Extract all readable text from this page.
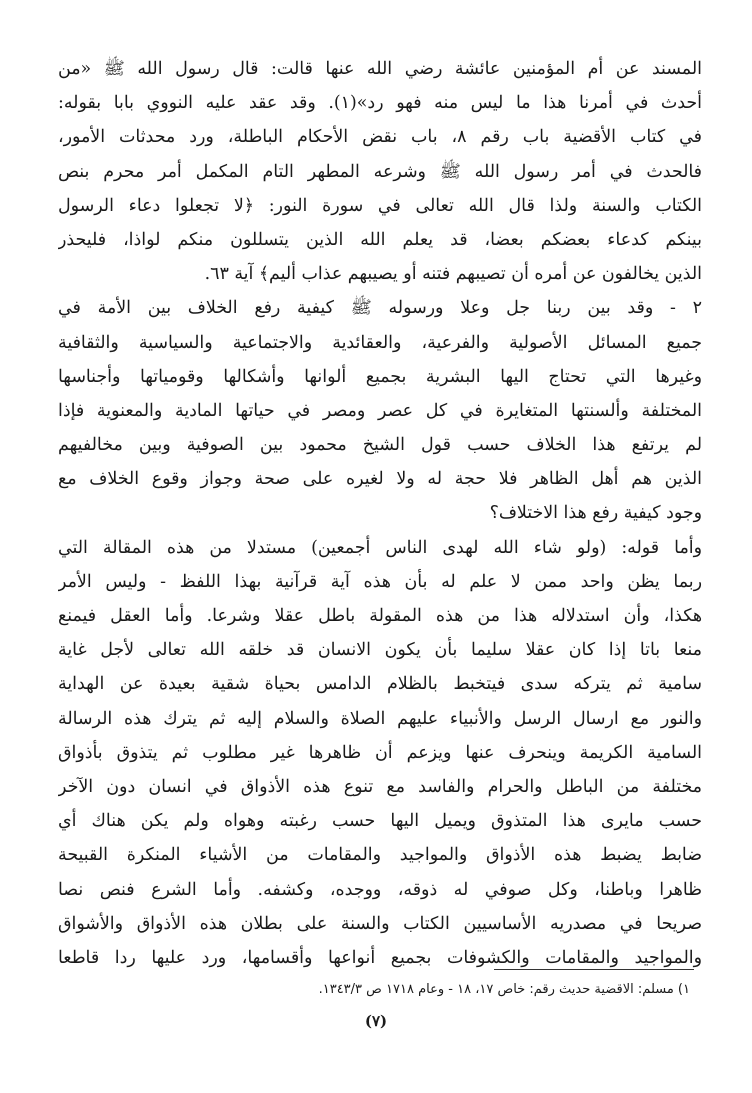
المسند عن أم المؤمنين عائشة رضي الله عنها قالت: قال رسول الله ﷺ «من
أحدث في أمرنا هذا ما ليس منه فهو رد»(١). وقد عقد عليه النووي بابا بقوله:
في كتاب الأقضية باب رقم ٨، باب نقض الأحكام الباطلة، ورد محدثات الأمور،
فالحدث في أمر رسول الله ﷺ وشرعه المطهر التام المكمل أمر محرم بنص
الكتاب والسنة ولذا قال الله تعالى في سورة النور: ﴿لا تجعلوا دعاء الرسول
بينكم كدعاء بعضكم بعضا، قد يعلم الله الذين يتسللون منكم لواذا، فليحذر
الذين يخالفون عن أمره أن تصيبهم فتنه أو يصيبهم عذاب أليم﴾ آية ٦٣.
٢ - وقد بين ربنا جل وعلا ورسوله ﷺ كيفية رفع الخلاف بين الأمة في
جميع المسائل الأصولية والفرعية، والعقائدية والاجتماعية والسياسية والثقافية
وغيرها التي تحتاج اليها البشرية بجميع ألوانها وأشكالها وقومياتها وأجناسها
المختلفة وألسنتها المتغايرة في كل عصر ومصر في حياتها المادية والمعنوية فإذا
لم يرتفع هذا الخلاف حسب قول الشيخ محمود بين الصوفية وبين مخالفيهم
الذين هم أهل الظاهر فلا حجة له ولا لغيره على صحة وجواز وقوع الخلاف مع
وجود كيفية رفع هذا الاختلاف؟
وأما قوله: (ولو شاء الله لهدى الناس أجمعين) مستدلا من هذه المقالة التي
ربما يظن واحد ممن لا علم له بأن هذه آية قرآنية بهذا اللفظ - وليس الأمر
هكذا، وأن استدلاله هذا من هذه المقولة باطل عقلا وشرعا. وأما العقل فيمنع
منعا باتا إذا كان عقلا سليما بأن يكون الانسان قد خلقه الله تعالى لأجل غاية
سامية ثم يتركه سدى فيتخبط بالظلام الدامس بحياة شقية بعيدة عن الهداية
والنور مع ارسال الرسل والأنبياء عليهم الصلاة والسلام إليه ثم يترك هذه الرسالة
السامية الكريمة وينحرف عنها ويزعم أن ظاهرها غير مطلوب ثم يتذوق بأذواق
مختلفة من الباطل والحرام والفاسد مع تنوع هذه الأذواق في انسان دون الآخر
حسب مايرى هذا المتذوق ويميل اليها حسب رغبته وهواه ولم يكن هناك أي
ضابط يضبط هذه الأذواق والمواجيد والمقامات من الأشياء المنكرة القبيحة
ظاهرا وباطنا، وكل صوفي له ذوقه، ووجده، وكشفه. وأما الشرع فنص نصا
صريحا في مصدريه الأساسيين الكتاب والسنة على بطلان هذه الأذواق والأشواق
والمواجيد والمقامات والكشوفات بجميع أنواعها وأقسامها، ورد عليها ردا قاطعا
١) مسلم: الاقضية حديث رقم: خاص ١٧، ١٨ - وعام ١٧١٨ ص ١٣٤٣/٣.
(٧)
